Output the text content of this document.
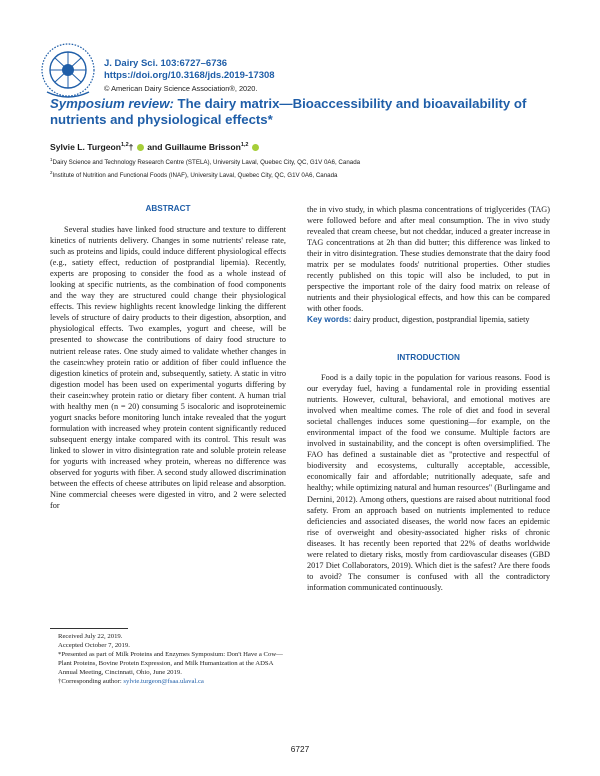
J. Dairy Sci. 103:6727–6736
https://doi.org/10.3168/jds.2019-17308
© American Dairy Science Association®, 2020.
Symposium review: The dairy matrix—Bioaccessibility and bioavailability of nutrients and physiological effects*
Sylvie L. Turgeon$^{1,2}$†  and Guillaume Brisson$^{1,2}$
$^1$Dairy Science and Technology Research Centre (STELA), University Laval, Quebec City, QC, G1V 0A6, Canada
$^2$Institute of Nutrition and Functional Foods (INAF), University Laval, Quebec City, QC, G1V 0A6, Canada
ABSTRACT

Several studies have linked food structure and texture to different kinetics of nutrients delivery. Changes in some nutrients' release rate, such as proteins and lipids, could induce different physiological effects (e.g., satiety effect, reduction of postprandial lipemia). Recently, experts are proposing to consider the food as a whole instead of looking at specific nutrients, as the combination of food components and the way they are structured could change their physiological effects. This review highlights recent knowledge linking the different levels of structure of dairy products to their digestion, absorption, and physiological effects. Two examples, yogurt and cheese, will be presented to showcase the contributions of dairy food structure to nutrient release rates. One study aimed to validate whether changes in the casein:whey protein ratio or addition of fiber could influence the digestion kinetics of protein and, subsequently, satiety. A static in vitro digestion model has been used on experimental yogurts differing by their casein:whey protein ratio or dietary fiber content. A human trial with healthy men (n = 20) consuming 5 isocaloric and isoproteinemic yogurt snacks before monitoring lunch intake revealed that the yogurt formulation with increased whey protein content significantly reduced subsequent energy intake compared with its control. This result was linked to slower in vitro disintegration rate and soluble protein release for yogurts with increased whey protein, whereas no difference was observed for yogurts with fiber. A second study allowed discrimination between the effects of cheese attributes on lipid release and absorption. Nine commercial cheeses were digested in vitro, and 2 were selected for

the in vivo study, in which plasma concentrations of triglycerides (TAG) were followed before and after meal consumption. The in vivo study revealed that cream cheese, but not cheddar, induced a greater increase in TAG concentrations at 2h than did butter; this difference was linked to their in vitro disintegration. These studies demonstrate that the dairy food matrix per se modulates foods' nutritional properties. Other studies recently published on this topic will also be included, to put in perspective the important role of the dairy food matrix on release of nutrients and their physiological effects, and how this can be compared with other foods.

Key words: dairy product, digestion, postprandial lipemia, satiety

INTRODUCTION

Food is a daily topic in the population for various reasons. Food is our everyday fuel, having a fundamental role in providing essential nutrients. However, cultural, behavioral, and emotional motives are involved when mealtime comes. The role of diet and food in several societal challenges induces some questioning—for example, on the environmental impact of the food we consume. Multiple factors are involved in sustainability, and the concept is often oversimplified. The FAO has defined a sustainable diet as "protective and respectful of biodiversity and ecosystems, culturally acceptable, accessible, economically fair and affordable; nutritionally adequate, safe and healthy; while optimizing natural and human resources" (Burlingame and Dernini, 2012). Among others, questions are raised about nutritional food safety. From an approach based on nutrients implemented to reduce deficiencies and associated diseases, the world now faces an epidemic rise of overweight and obesity-associated higher risks of chronic diseases. It has recently been reported that 22% of deaths worldwide were related to dietary risks, mostly from cardiovascular diseases (GBD 2017 Diet Collaborators, 2019). Which diet is the safest? Are there foods to avoid? The consumer is confused with all the contradictory information communicated continuously.

Received July 22, 2019.

Accepted October 7, 2019.

*Presented as part of Milk Proteins and Enzymes Symposium: Don't Have a Cow—Plant Proteins, Bovine Protein Expression, and Milk Humanization at the ADSA Annual Meeting, Cincinnati, Ohio, June 2019.

†Corresponding author: sylvie.turgeon@fsaa.ulaval.ca

6727
